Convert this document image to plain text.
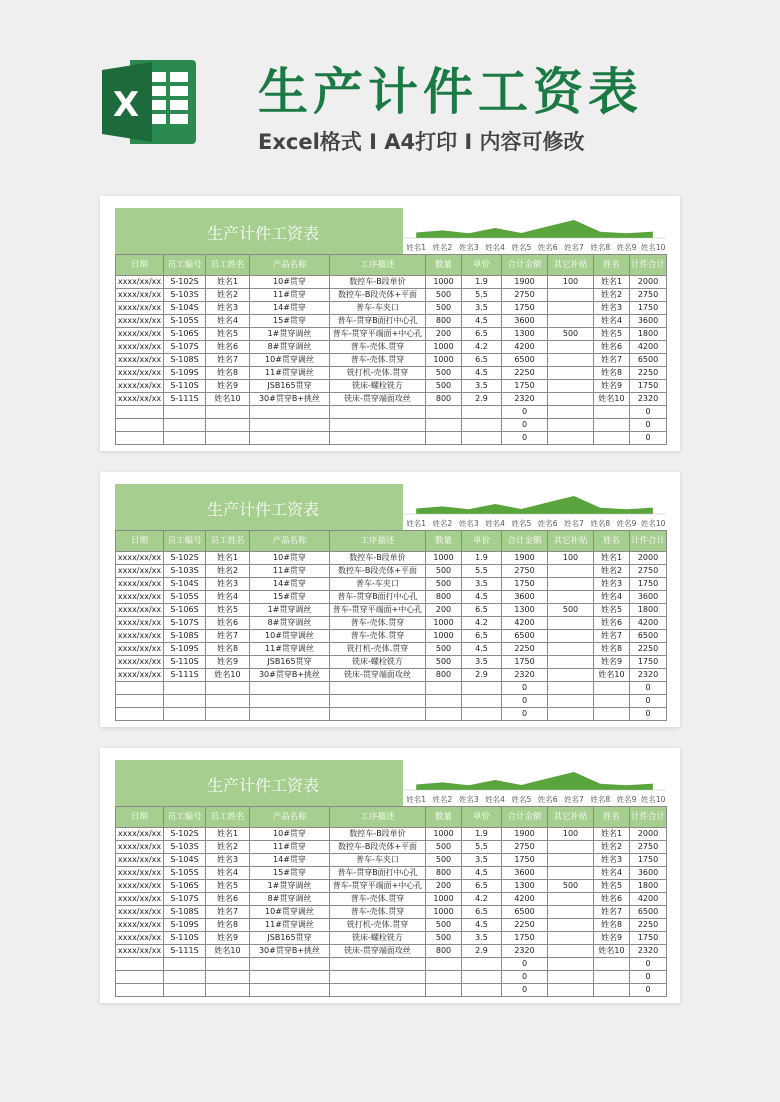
X 生产计件工资表
Excel格式 I A4打印 I 内容可修改
生产计件工资表
姓名1 姓名2 姓名3 姓名4 姓名5 姓名6 姓名7 姓名8 姓名9 姓名10
日期	员工编号	员工姓名	产品名称	工序描述	数量	单价	合计金额	其它补贴	姓名	计件合计
xxxx/xx/xx	S-102S	姓名1	10#贯穿	数控车-B段单价	1000	1.9	1900	100	姓名1	2000
xxxx/xx/xx	S-103S	姓名2	11#贯穿	数控车-B段壳体+平面	500	5.5	2750		姓名2	2750
xxxx/xx/xx	S-104S	姓名3	14#贯穿	普车-车夹口	500	3.5	1750		姓名3	1750
xxxx/xx/xx	S-105S	姓名4	15#贯穿	普车-贯穿B面打中心孔	800	4.5	3600		姓名4	3600
xxxx/xx/xx	S-106S	姓名5	1#贯穿调丝	普车-贯穿平端面+中心孔	200	6.5	1300	500	姓名5	1800
xxxx/xx/xx	S-107S	姓名6	8#贯穿调丝	普车-壳体.贯穿	1000	4.2	4200		姓名6	4200
xxxx/xx/xx	S-108S	姓名7	10#贯穿调丝	普车-壳体.贯穿	1000	6.5	6500		姓名7	6500
xxxx/xx/xx	S-109S	姓名8	11#贯穿调丝	铣打机-壳体.贯穿	500	4.5	2250		姓名8	2250
xxxx/xx/xx	S-110S	姓名9	JSB165贯穿	铣床-螺栓铣方	500	3.5	1750		姓名9	1750
xxxx/xx/xx	S-111S	姓名10	30#贯穿B+挑丝	铣床-贯穿端面攻丝	800	2.9	2320		姓名10	2320
							0			0
							0			0
							0			0
生产计件工资表
姓名1 姓名2 姓名3 姓名4 姓名5 姓名6 姓名7 姓名8 姓名9 姓名10
日期	员工编号	员工姓名	产品名称	工序描述	数量	单价	合计金额	其它补贴	姓名	计件合计
xxxx/xx/xx	S-102S	姓名1	10#贯穿	数控车-B段单价	1000	1.9	1900	100	姓名1	2000
xxxx/xx/xx	S-103S	姓名2	11#贯穿	数控车-B段壳体+平面	500	5.5	2750		姓名2	2750
xxxx/xx/xx	S-104S	姓名3	14#贯穿	普车-车夹口	500	3.5	1750		姓名3	1750
xxxx/xx/xx	S-105S	姓名4	15#贯穿	普车-贯穿B面打中心孔	800	4.5	3600		姓名4	3600
xxxx/xx/xx	S-106S	姓名5	1#贯穿调丝	普车-贯穿平端面+中心孔	200	6.5	1300	500	姓名5	1800
xxxx/xx/xx	S-107S	姓名6	8#贯穿调丝	普车-壳体.贯穿	1000	4.2	4200		姓名6	4200
xxxx/xx/xx	S-108S	姓名7	10#贯穿调丝	普车-壳体.贯穿	1000	6.5	6500		姓名7	6500
xxxx/xx/xx	S-109S	姓名8	11#贯穿调丝	铣打机-壳体.贯穿	500	4.5	2250		姓名8	2250
xxxx/xx/xx	S-110S	姓名9	JSB165贯穿	铣床-螺栓铣方	500	3.5	1750		姓名9	1750
xxxx/xx/xx	S-111S	姓名10	30#贯穿B+挑丝	铣床-贯穿端面攻丝	800	2.9	2320		姓名10	2320
							0			0
							0			0
							0			0
生产计件工资表
姓名1 姓名2 姓名3 姓名4 姓名5 姓名6 姓名7 姓名8 姓名9 姓名10
日期	员工编号	员工姓名	产品名称	工序描述	数量	单价	合计金额	其它补贴	姓名	计件合计
xxxx/xx/xx	S-102S	姓名1	10#贯穿	数控车-B段单价	1000	1.9	1900	100	姓名1	2000
xxxx/xx/xx	S-103S	姓名2	11#贯穿	数控车-B段壳体+平面	500	5.5	2750		姓名2	2750
xxxx/xx/xx	S-104S	姓名3	14#贯穿	普车-车夹口	500	3.5	1750		姓名3	1750
xxxx/xx/xx	S-105S	姓名4	15#贯穿	普车-贯穿B面打中心孔	800	4.5	3600		姓名4	3600
xxxx/xx/xx	S-106S	姓名5	1#贯穿调丝	普车-贯穿平端面+中心孔	200	6.5	1300	500	姓名5	1800
xxxx/xx/xx	S-107S	姓名6	8#贯穿调丝	普车-壳体.贯穿	1000	4.2	4200		姓名6	4200
xxxx/xx/xx	S-108S	姓名7	10#贯穿调丝	普车-壳体.贯穿	1000	6.5	6500		姓名7	6500
xxxx/xx/xx	S-109S	姓名8	11#贯穿调丝	铣打机-壳体.贯穿	500	4.5	2250		姓名8	2250
xxxx/xx/xx	S-110S	姓名9	JSB165贯穿	铣床-螺栓铣方	500	3.5	1750		姓名9	1750
xxxx/xx/xx	S-111S	姓名10	30#贯穿B+挑丝	铣床-贯穿端面攻丝	800	2.9	2320		姓名10	2320
							0			0
							0			0
							0			0
